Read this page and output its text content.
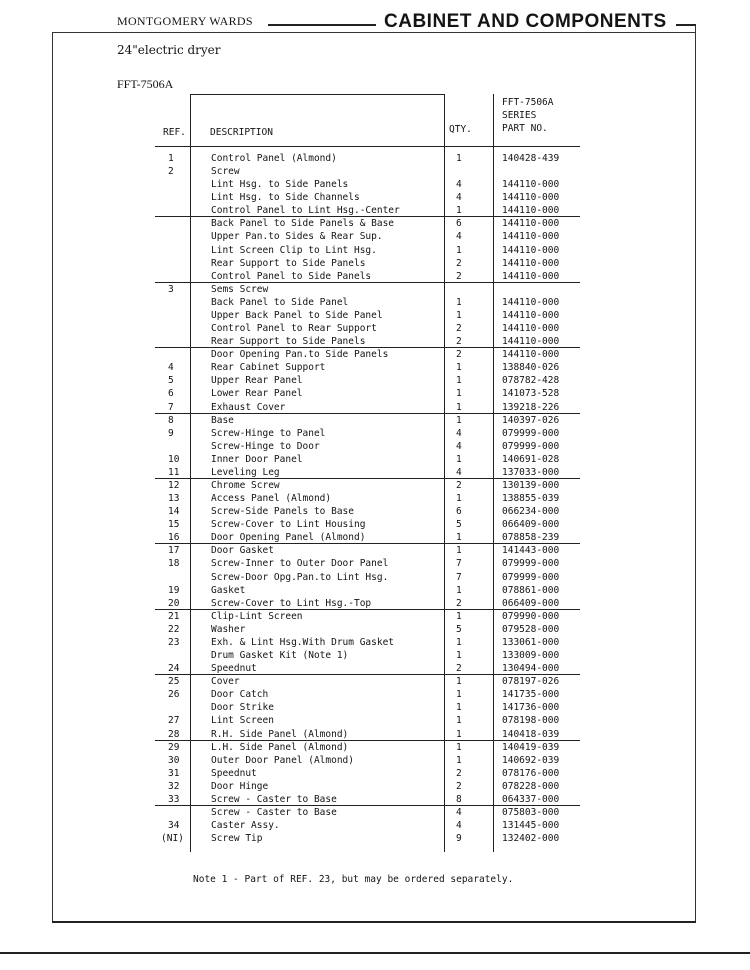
MONTGOMERY WARDS	CABINET AND COMPONENTS
24"electric dryer
FFT-7506A
REF.	DESCRIPTION	QTY.
FFT-7506A
SERIES
PART NO.
1	Control Panel (Almond)	1	140428-439
2	Screw
Lint Hsg. to Side Panels	4	144110-000
Lint Hsg. to Side Channels	4	144110-000
Control Panel to Lint Hsg.-Center	1	144110-000
Back Panel to Side Panels & Base	6	144110-000
Upper Pan.to Sides & Rear Sup.	4	144110-000
Lint Screen Clip to Lint Hsg.	1	144110-000
Rear Support to Side Panels	2	144110-000
Control Panel to Side Panels	2	144110-000
3	Sems Screw
Back Panel to Side Panel	1	144110-000
Upper Back Panel to Side Panel	1	144110-000
Control Panel to Rear Support	2	144110-000
Rear Support to Side Panels	2	144110-000
Door Opening Pan.to Side Panels	2	144110-000
4	Rear Cabinet Support	1	138840-026
5	Upper Rear Panel	1	078782-428
6	Lower Rear Panel	1	141073-528
7	Exhaust Cover	1	139218-226
8	Base	1	140397-026
9	Screw-Hinge to Panel	4	079999-000
Screw-Hinge to Door	4	079999-000
10	Inner Door Panel	1	140691-028
11	Leveling Leg	4	137033-000
12	Chrome Screw	2	130139-000
13	Access Panel (Almond)	1	138855-039
14	Screw-Side Panels to Base	6	066234-000
15	Screw-Cover to Lint Housing	5	066409-000
16	Door Opening Panel (Almond)	1	078858-239
17	Door Gasket	1	141443-000
18	Screw-Inner to Outer Door Panel	7	079999-000
Screw-Door Opg.Pan.to Lint Hsg.	7	079999-000
19	Gasket	1	078861-000
20	Screw-Cover to Lint Hsg.-Top	2	066409-000
21	Clip-Lint Screen	1	079990-000
22	Washer	5	079528-000
23	Exh. & Lint Hsg.With Drum Gasket	1	133061-000
Drum Gasket Kit (Note 1)	1	133009-000
24	Speednut	2	130494-000
25	Cover	1	078197-026
26	Door Catch	1	141735-000
Door Strike	1	141736-000
27	Lint Screen	1	078198-000
28	R.H. Side Panel (Almond)	1	140418-039
29	L.H. Side Panel (Almond)	1	140419-039
30	Outer Door Panel (Almond)	1	140692-039
31	Speednut	2	078176-000
32	Door Hinge	2	078228-000
33	Screw - Caster to Base	8	064337-000
Screw - Caster to Base	4	075803-000
34	Caster Assy.	4	131445-000
(NI)	Screw Tip	9	132402-000
Note 1 - Part of REF. 23, but may be ordered separately.
